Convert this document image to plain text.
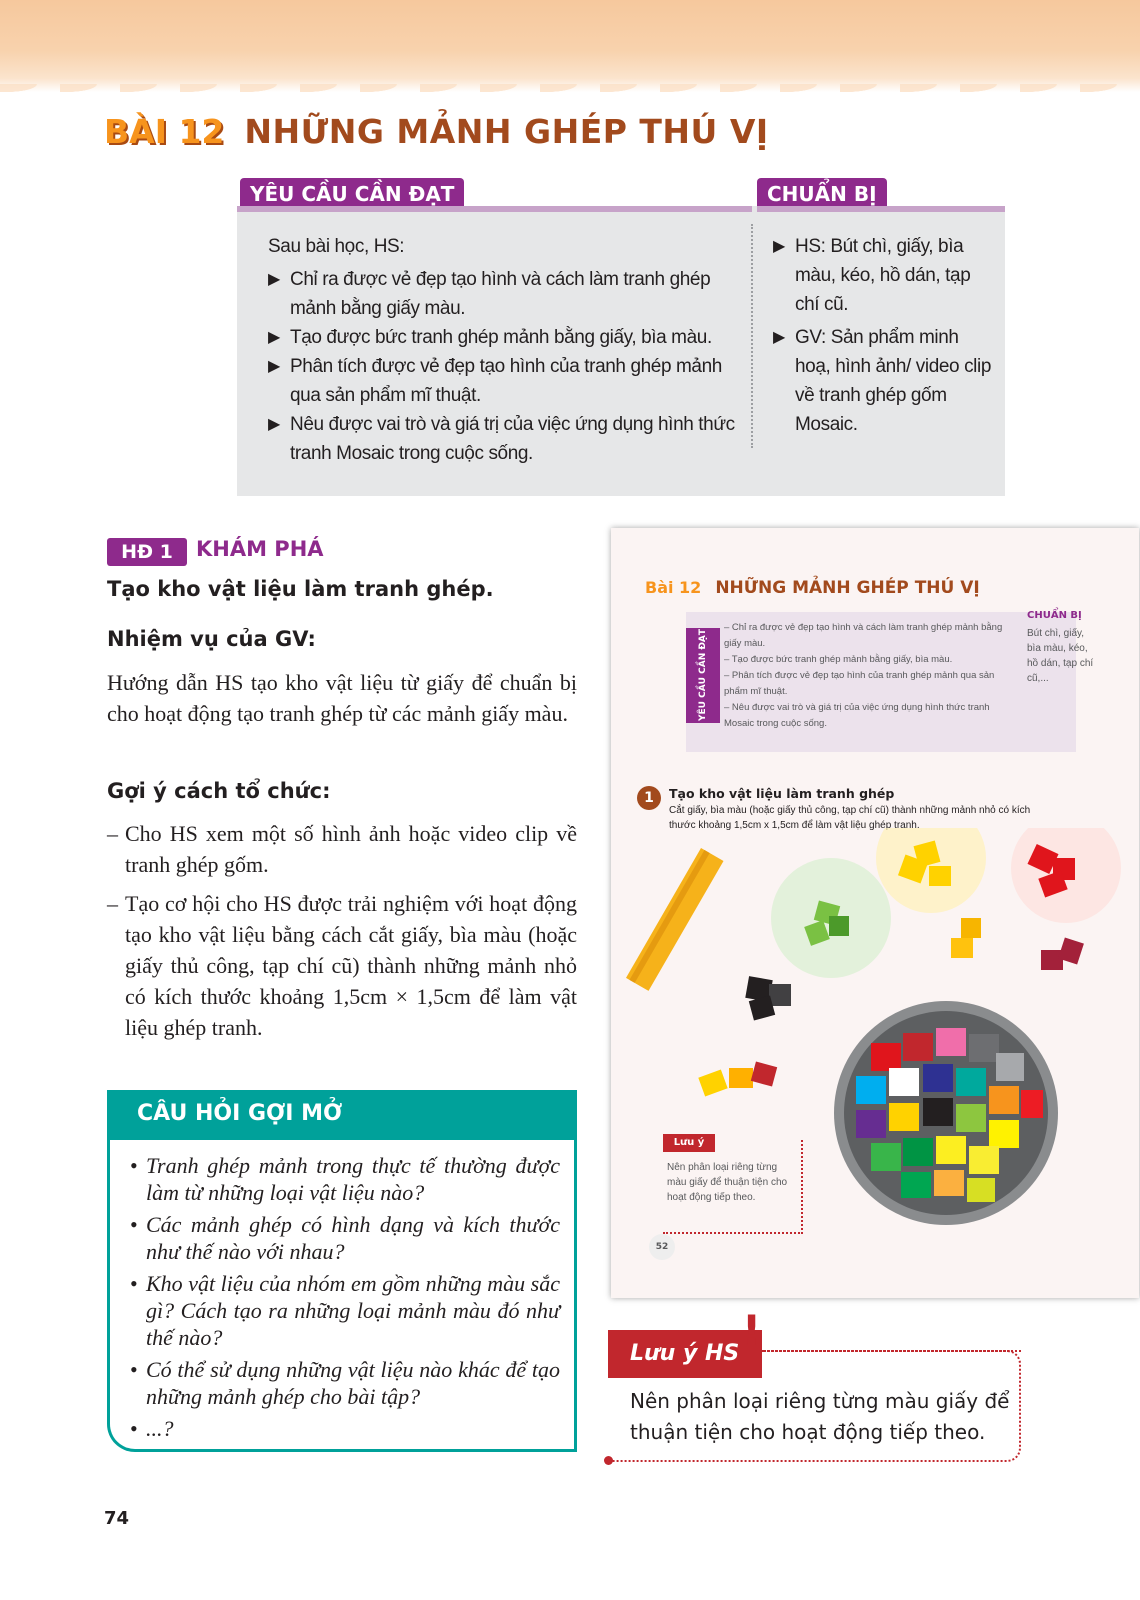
BÀI 12 NHỮNG MẢNH GHÉP THÚ VỊ
YÊU CẦU CẦN ĐẠT	CHUẨN BỊ
Sau bài học, HS:
▶ Chỉ ra được vẻ đẹp tạo hình và cách làm tranh ghép mảnh bằng giấy màu.
▶ Tạo được bức tranh ghép mảnh bằng giấy, bìa màu.
▶ Phân tích được vẻ đẹp tạo hình của tranh ghép mảnh qua sản phẩm mĩ thuật.
▶ Nêu được vai trò và giá trị của việc ứng dụng hình thức tranh Mosaic trong cuộc sống.
▶ HS: Bút chì, giấy, bìa màu, kéo, hồ dán, tạp chí cũ.
▶ GV: Sản phẩm minh hoạ, hình ảnh/ video clip về tranh ghép gốm Mosaic.
HĐ 1	KHÁM PHÁ
Tạo kho vật liệu làm tranh ghép.
Nhiệm vụ của GV:
Hướng dẫn HS tạo kho vật liệu từ giấy để chuẩn bị cho hoạt động tạo tranh ghép từ các mảnh giấy màu.
Gợi ý cách tổ chức:
– Cho HS xem một số hình ảnh hoặc video clip về tranh ghép gốm.
– Tạo cơ hội cho HS được trải nghiệm với hoạt động tạo kho vật liệu bằng cách cắt giấy, bìa màu (hoặc giấy thủ công, tạp chí cũ) thành những mảnh nhỏ có kích thước khoảng 1,5cm × 1,5cm để làm vật liệu ghép tranh.
CÂU HỎI GỢI MỞ
• Tranh ghép mảnh trong thực tế thường được làm từ những loại vật liệu nào?
• Các mảnh ghép có hình dạng và kích thước như thế nào với nhau?
• Kho vật liệu của nhóm em gồm những màu sắc gì? Cách tạo ra những loại mảnh màu đó như thế nào?
• Có thể sử dụng những vật liệu nào khác để tạo những mảnh ghép cho bài tập?
• ...?
Bài 12 NHỮNG MẢNH GHÉP THÚ VỊ
YÊU CẦU CẦN ĐẠT
– Chỉ ra được vẻ đẹp tạo hình và cách làm tranh ghép mảnh bằng giấy màu.
– Tạo được bức tranh ghép mảnh bằng giấy, bìa màu.
– Phân tích được vẻ đẹp tạo hình của tranh ghép mảnh qua sản phẩm mĩ thuật.
– Nêu được vai trò và giá trị của việc ứng dụng hình thức tranh Mosaic trong cuộc sống.
CHUẨN BỊ
Bút chì, giấy, bìa màu, kéo, hồ dán, tạp chí cũ,...
1	Tạo kho vật liệu làm tranh ghép
Cắt giấy, bìa màu (hoặc giấy thủ công, tạp chí cũ) thành những mảnh nhỏ có kích thước khoảng 1,5cm x 1,5cm để làm vật liệu ghép tranh.
Lưu ý
Nên phân loại riêng từng màu giấy để thuận tiện cho hoạt động tiếp theo.
52
Lưu ý HS !
Nên phân loại riêng từng màu giấy để thuận tiện cho hoạt động tiếp theo.
74
